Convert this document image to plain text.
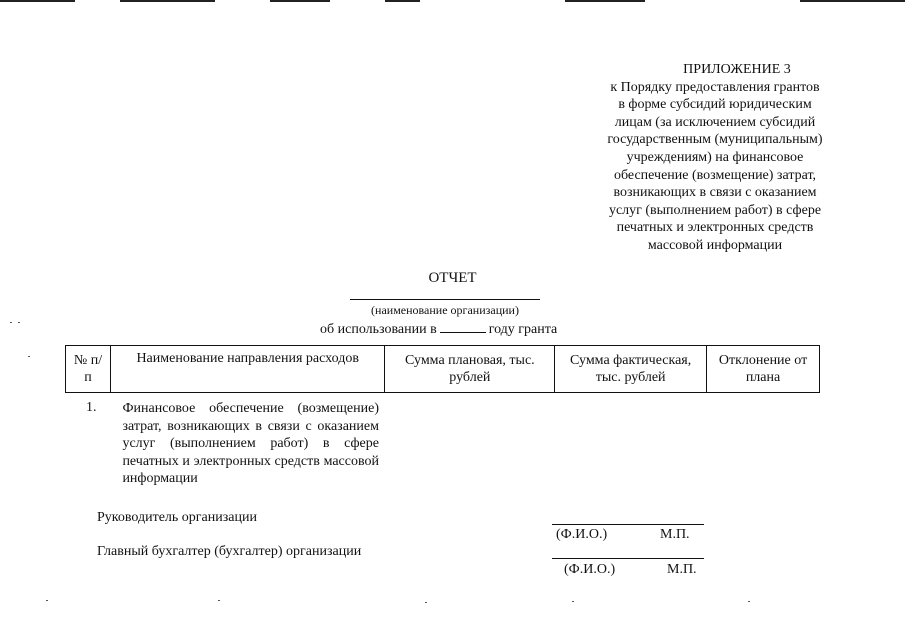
ПРИЛОЖЕНИЕ 3
к Порядку предоставления грантов
в форме субсидий юридическим
лицам (за исключением субсидий
государственным (муниципальным)
учреждениям) на финансовое
обеспечение (возмещение) затрат,
возникающих в связи с оказанием
услуг (выполнением работ) в сфере
печатных и электронных средств
массовой информации
ОТЧЕТ
(наименование организации)
об использовании в	году гранта
№ п/п	Наименование направления расходов	Сумма плановая, тыс. рублей	Сумма фактическая, тыс. рублей	Отклонение от плана
1.	Финансовое обеспечение (возмещение) затрат, возникающих в связи с оказанием услуг (выполнением работ) в сфере печатных и электронных средств массовой информации			
Руководитель организации
(Ф.И.О.)	М.П.
Главный бухгалтер (бухгалтер) организации
(Ф.И.О.)	М.П.
